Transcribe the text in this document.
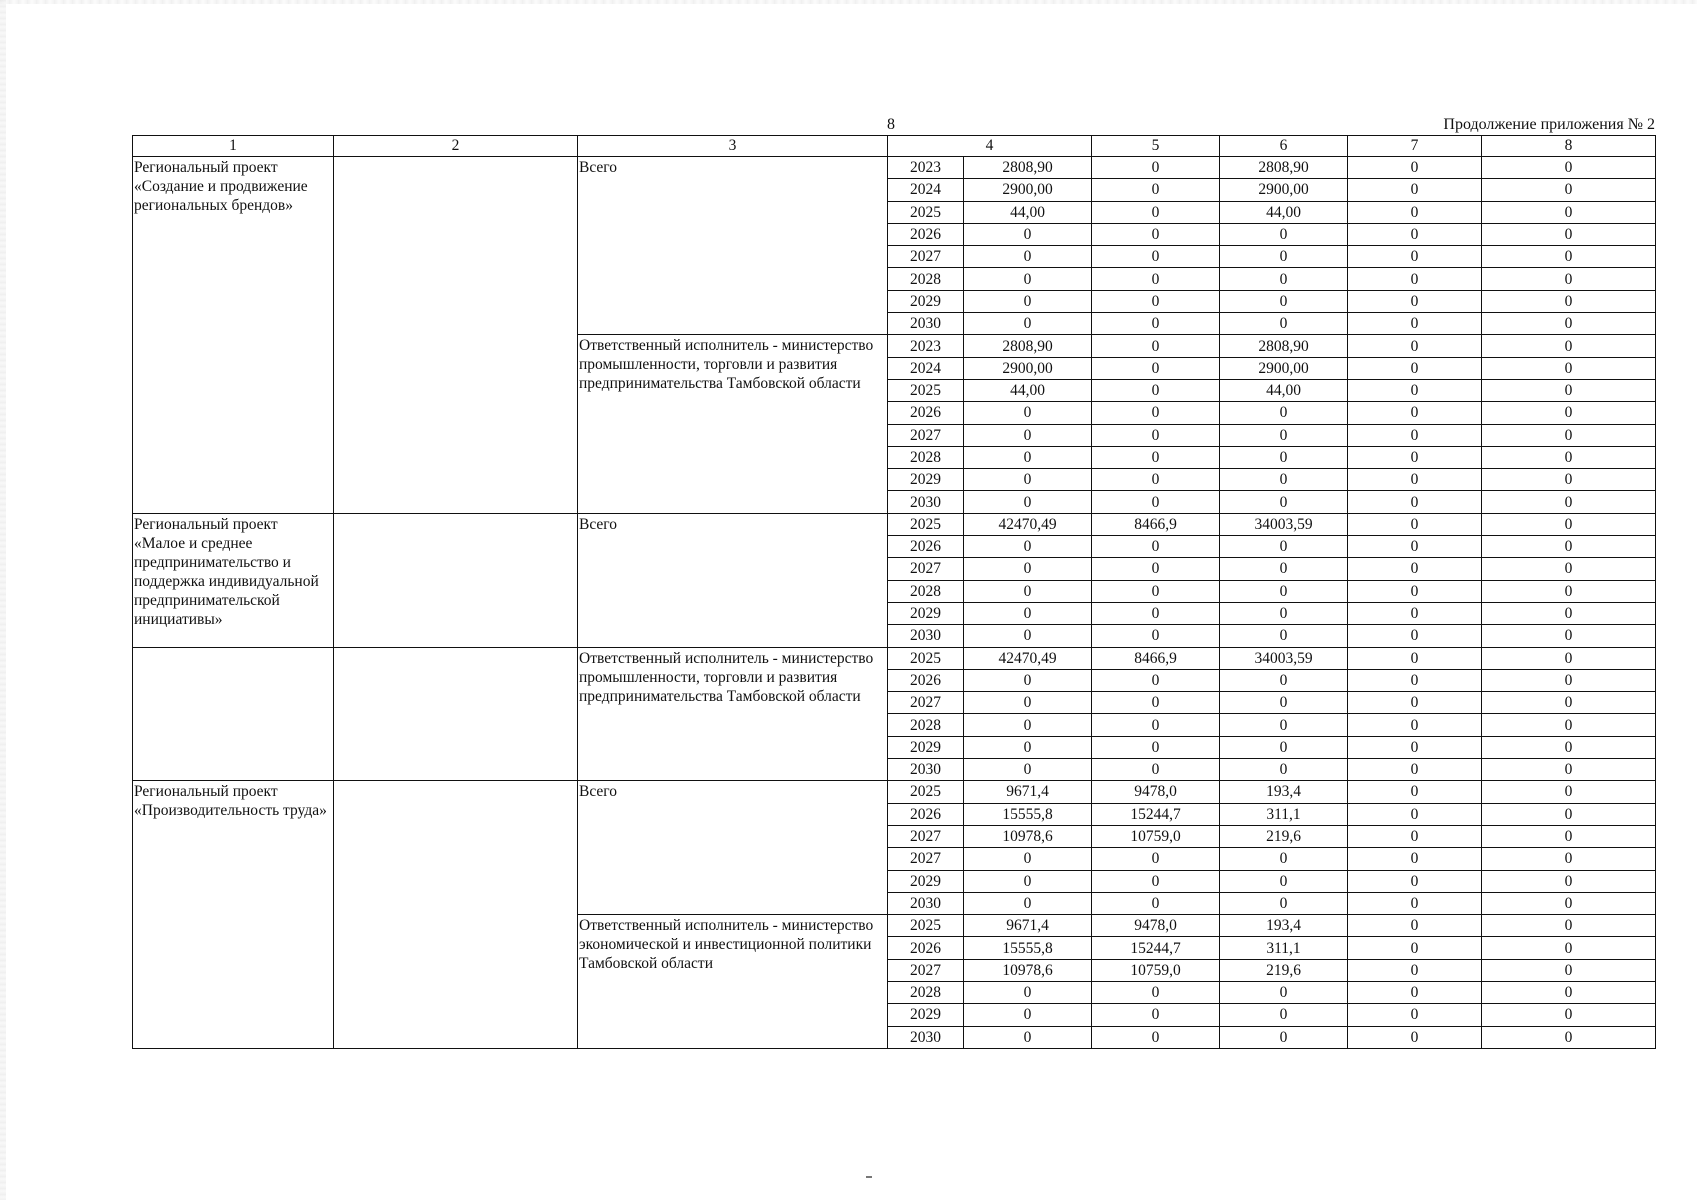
8	Продолжение приложения № 2
1	2	3	4		5	6	7	8
Региональный проект «Создание и продвижение региональных брендов»		Всего	2023	2808,90	0	2808,90	0	0
			2024	2900,00	0	2900,00	0	0
			2025	44,00	0	44,00	0	0
			2026	0	0	0	0	0
			2027	0	0	0	0	0
			2028	0	0	0	0	0
			2029	0	0	0	0	0
			2030	0	0	0	0	0
		Ответственный исполнитель - министерство промышленности, торговли и развития предпринимательства Тамбовской области	2023	2808,90	0	2808,90	0	0
			2024	2900,00	0	2900,00	0	0
			2025	44,00	0	44,00	0	0
			2026	0	0	0	0	0
			2027	0	0	0	0	0
			2028	0	0	0	0	0
			2029	0	0	0	0	0
			2030	0	0	0	0	0
Региональный проект «Малое и среднее предпринимательство и поддержка индивидуальной предпринимательской инициативы»		Всего	2025	42470,49	8466,9	34003,59	0	0
			2026	0	0	0	0	0
			2027	0	0	0	0	0
			2028	0	0	0	0	0
			2029	0	0	0	0	0
			2030	0	0	0	0	0
		Ответственный исполнитель - министерство промышленности, торговли и развития предпринимательства Тамбовской области	2025	42470,49	8466,9	34003,59	0	0
			2026	0	0	0	0	0
			2027	0	0	0	0	0
			2028	0	0	0	0	0
			2029	0	0	0	0	0
			2030	0	0	0	0	0
Региональный проект «Производительность труда»		Всего	2025	9671,4	9478,0	193,4	0	0
			2026	15555,8	15244,7	311,1	0	0
			2027	10978,6	10759,0	219,6	0	0
			2027	0	0	0	0	0
			2029	0	0	0	0	0
			2030	0	0	0	0	0
		Ответственный исполнитель - министерство экономической и инвестиционной политики Тамбовской области	2025	9671,4	9478,0	193,4	0	0
			2026	15555,8	15244,7	311,1	0	0
			2027	10978,6	10759,0	219,6	0	0
			2028	0	0	0	0	0
			2029	0	0	0	0	0
			2030	0	0	0	0	0
